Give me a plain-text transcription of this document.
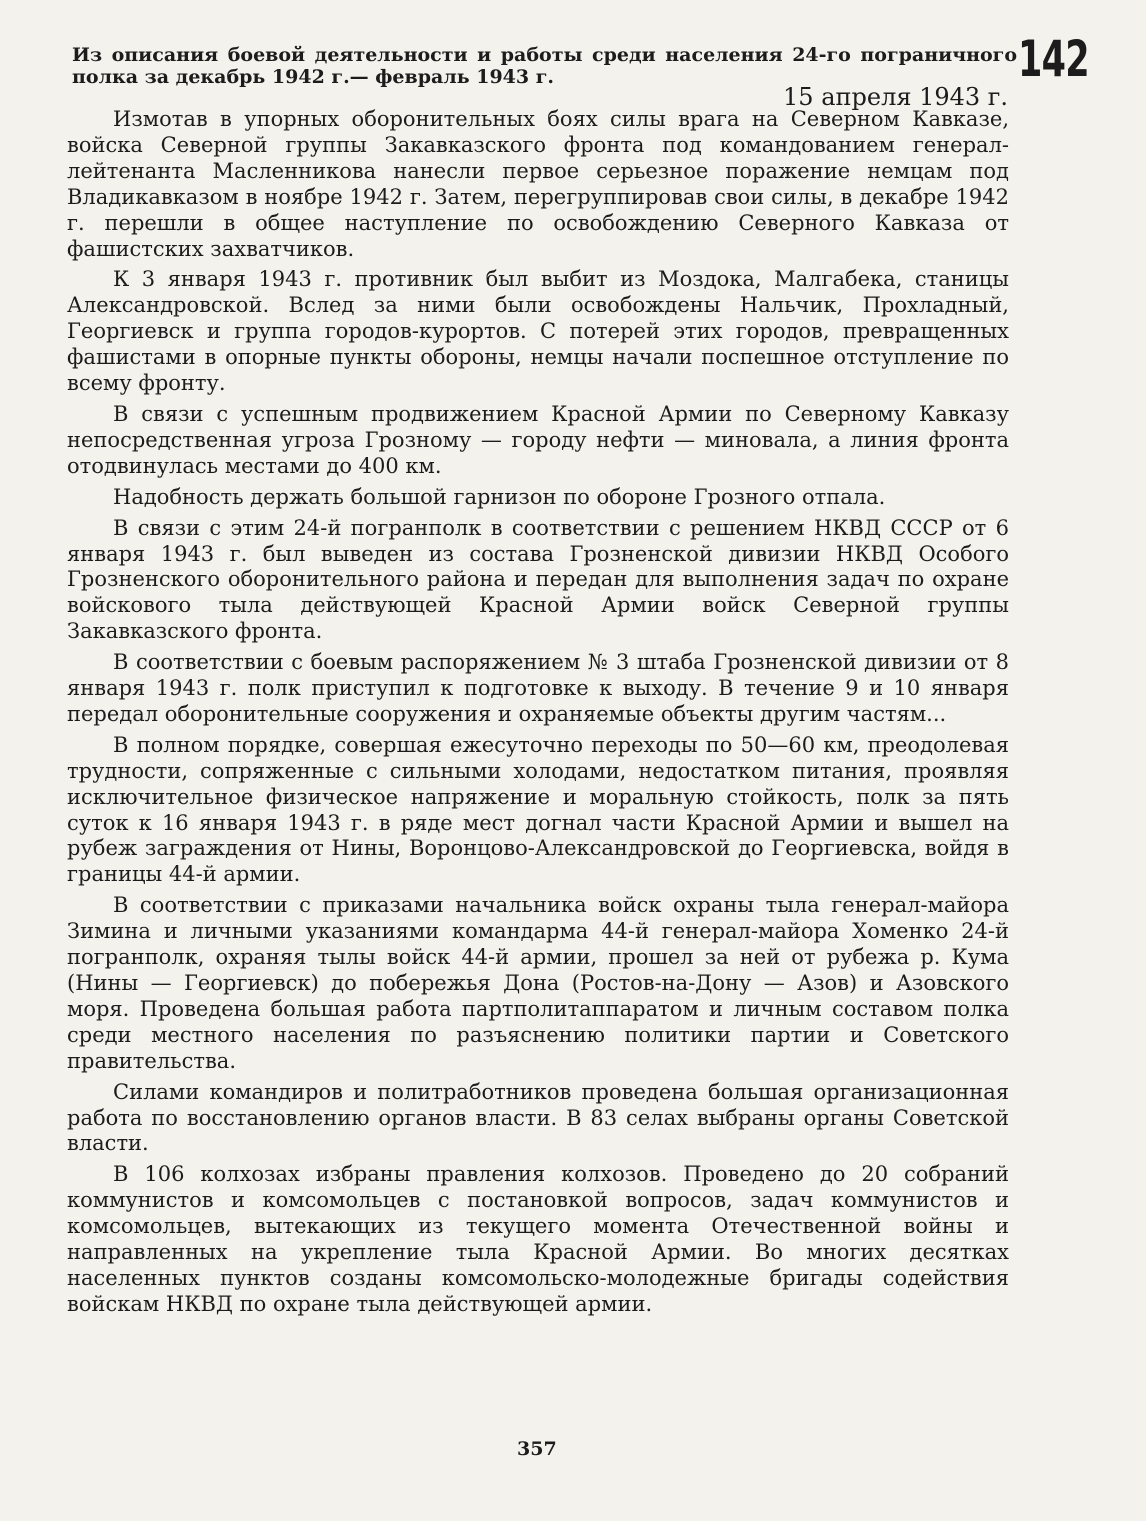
142
Из описания боевой деятельности и работы среди населения 24-го пограничного полка за декабрь 1942 г.— февраль 1943 г.
15 апреля 1943 г.

Измотав в упорных оборонительных боях силы врага на Северном Кавказе, войска Северной группы Закавказского фронта под командованием генерал-лейтенанта Масленникова нанесли первое серьезное поражение немцам под Владикавказом в ноябре 1942 г. Затем, перегруппировав свои силы, в декабре 1942 г. перешли в общее наступление по освобождению Северного Кавказа от фашистских захватчиков.

К 3 января 1943 г. противник был выбит из Моздока, Малгабека, станицы Александровской. Вслед за ними были освобождены Нальчик, Прохладный, Георгиевск и группа городов-курортов. С потерей этих городов, превращенных фашистами в опорные пункты обороны, немцы начали поспешное отступление по всему фронту.

В связи с успешным продвижением Красной Армии по Северному Кавказу непосредственная угроза Грозному — городу нефти — миновала, а линия фронта отодвинулась местами до 400 км.

Надобность держать большой гарнизон по обороне Грозного отпала.

В связи с этим 24-й погранполк в соответствии с решением НКВД СССР от 6 января 1943 г. был выведен из состава Грозненской дивизии НКВД Особого Грозненского оборонительного района и передан для выполнения задач по охране войскового тыла действующей Красной Армии войск Северной группы Закавказского фронта.

В соответствии с боевым распоряжением № 3 штаба Грозненской дивизии от 8 января 1943 г. полк приступил к подготовке к выходу. В течение 9 и 10 января передал оборонительные сооружения и охраняемые объекты другим частям...

В полном порядке, совершая ежесуточно переходы по 50—60 км, преодолевая трудности, сопряженные с сильными холодами, недостатком питания, проявляя исключительное физическое напряжение и моральную стойкость, полк за пять суток к 16 января 1943 г. в ряде мест догнал части Красной Армии и вышел на рубеж заграждения от Нины, Воронцово-Александровской до Георгиевска, войдя в границы 44-й армии.

В соответствии с приказами начальника войск охраны тыла генерал-майора Зимина и личными указаниями командарма 44-й генерал-майора Хоменко 24-й погранполк, охраняя тылы войск 44-й армии, прошел за ней от рубежа р. Кума (Нины — Георгиевск) до побережья Дона (Ростов-на-Дону — Азов) и Азовского моря. Проведена большая работа партполитаппаратом и личным составом полка среди местного населения по разъяснению политики партии и Советского правительства.

Силами командиров и политработников проведена большая организационная работа по восстановлению органов власти. В 83 селах выбраны органы Советской власти.

В 106 колхозах избраны правления колхозов. Проведено до 20 собраний коммунистов и комсомольцев с постановкой вопросов, задач коммунистов и комсомольцев, вытекающих из текущего момента Отечественной войны и направленных на укрепление тыла Красной Армии. Во многих десятках населенных пунктов созданы комсомольско-молодежные бригады содействия войскам НКВД по охране тыла действующей армии.

357
